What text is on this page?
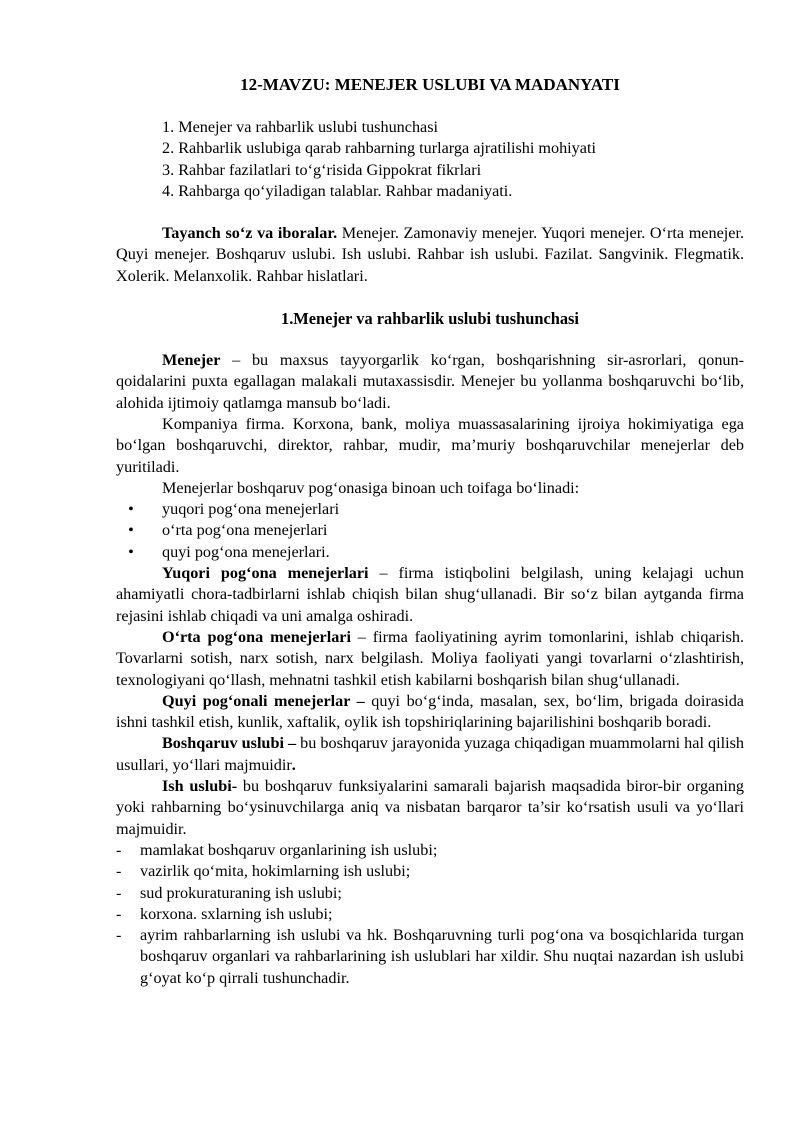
12-MAVZU: MENEJER USLUBI VA MADANYATI
1. Menejer va rahbarlik uslubi tushunchasi
2. Rahbarlik uslubiga qarab rahbarning turlarga ajratilishi mohiyati
3. Rahbar fazilatlari to‘g‘risida Gippokrat fikrlari
4. Rahbarga qo‘yiladigan talablar. Rahbar madaniyati.

Tayanch so‘z va iboralar. Menejer. Zamonaviy menejer. Yuqori menejer. O‘rta menejer. Quyi menejer. Boshqaruv uslubi. Ish uslubi. Rahbar ish uslubi. Fazilat. Sangvinik. Flegmatik. Xolerik. Melanxolik. Rahbar hislatlari.

1.Menejer va rahbarlik uslubi tushunchasi

Menejer – bu maxsus tayyorgarlik ko‘rgan, boshqarishning sir-asrorlari, qonun-qoidalarini puxta egallagan malakali mutaxassisdir. Menejer bu yollanma boshqaruvchi bo‘lib, alohida ijtimoiy qatlamga mansub bo‘ladi.

Kompaniya firma. Korxona, bank, moliya muassasalarining ijroiya hokimiyatiga ega bo‘lgan boshqaruvchi, direktor, rahbar, mudir, ma’muriy boshqaruvchilar menejerlar deb yuritiladi.

Menejerlar boshqaruv pog‘onasiga binoan uch toifaga bo‘linadi:

•	yuqori pog‘ona menejerlari
•	o‘rta pog‘ona menejerlari
•	quyi pog‘ona menejerlari.

Yuqori pog‘ona menejerlari – firma istiqbolini belgilash, uning kelajagi uchun ahamiyatli chora-tadbirlarni ishlab chiqish bilan shug‘ullanadi. Bir so‘z bilan aytganda firma rejasini ishlab chiqadi va uni amalga oshiradi.

O‘rta pog‘ona menejerlari – firma faoliyatining ayrim tomonlarini, ishlab chiqarish. Tovarlarni sotish, narx sotish, narx belgilash. Moliya faoliyati yangi tovarlarni o‘zlashtirish, texnologiyani qo‘llash, mehnatni tashkil etish kabilarni boshqarish bilan shug‘ullanadi.

Quyi pog‘onali menejerlar – quyi bo‘g‘inda, masalan, sex, bo‘lim, brigada doirasida ishni tashkil etish, kunlik, xaftalik, oylik ish topshiriqlarining bajarilishini boshqarib boradi.

Boshqaruv uslubi – bu boshqaruv jarayonida yuzaga chiqadigan muammolarni hal qilish usullari, yo‘llari majmuidir.

Ish uslubi- bu boshqaruv funksiyalarini samarali bajarish maqsadida biror-bir organing yoki rahbarning bo‘ysinuvchilarga aniq va nisbatan barqaror ta’sir ko‘rsatish usuli va yo‘llari majmuidir.

- mamlakat boshqaruv organlarining ish uslubi;
- vazirlik qo‘mita, hokimlarning ish uslubi;
- sud prokuraturaning ish uslubi;
- korxona. sxlarning ish uslubi;
- ayrim rahbarlarning ish uslubi va hk. Boshqaruvning turli pog‘ona va bosqichlarida turgan boshqaruv organlari va rahbarlarining ish uslublari har xildir. Shu nuqtai nazardan ish uslubi g‘oyat ko‘p qirrali tushunchadir.
